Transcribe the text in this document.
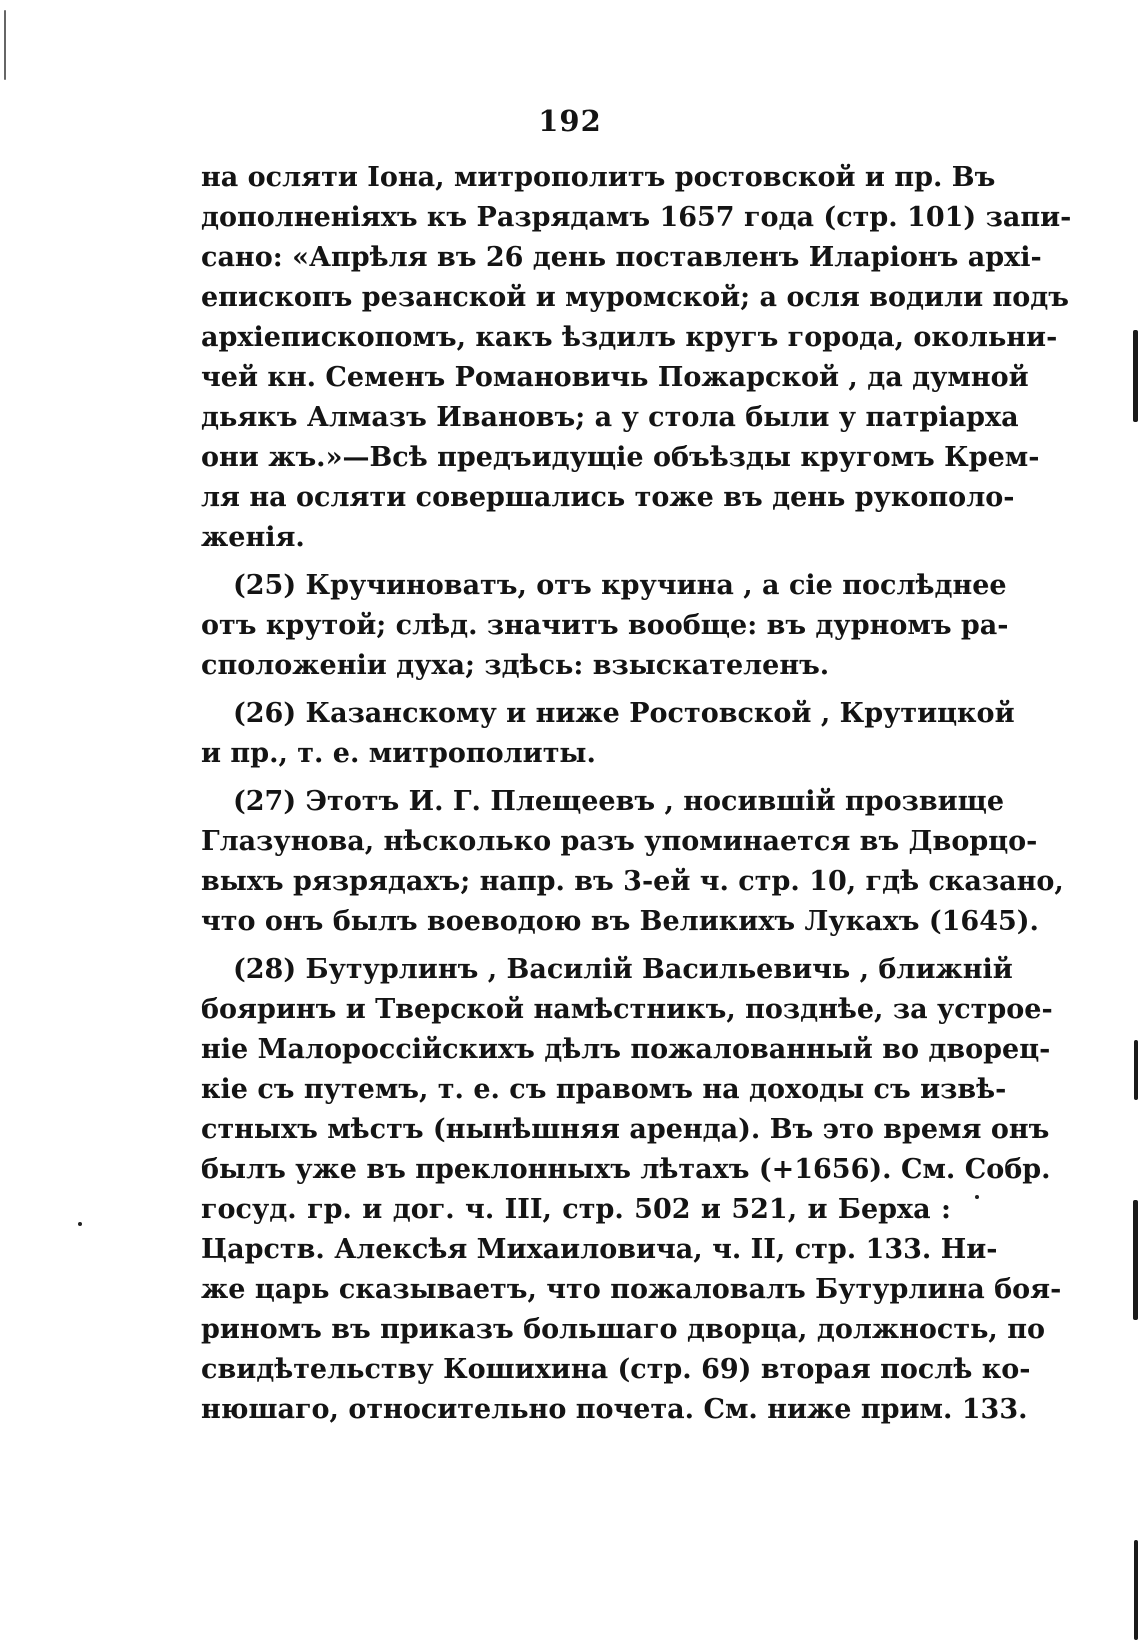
192

на осляти Іона, митрополитъ ростовской и пр. Въ
дополненіяхъ къ Разрядамъ 1657 года (стр. 101) запи-
сано: «Апрѣля въ 26 день поставленъ Иларіонъ архі-
епископъ резанской и муромской; а осля водили подъ
архіепископомъ, какъ ѣздилъ кругъ города, окольни-
чей кн. Семенъ Романовичь Пожарской , да думной
дьякъ Алмазъ Ивановъ; а у стола были у патріарха
они жъ.»—Всѣ предъидущіе объѣзды кругомъ Крем-
ля на осляти совершались тоже въ день рукополо-
женія.

(25) Кручиноватъ, отъ кручина , а сіе послѣднее
отъ крутой; слѣд. значитъ вообще: въ дурномъ ра-
сположеніи духа; здѣсь: взыскателенъ.

(26) Казанскому и ниже Ростовской , Крутицкой
и пр., т. е. митрополиты.

(27) Этотъ И. Г. Плещеевъ , носившій прозвище
Глазунова, нѣсколько разъ упоминается въ Дворцо-
выхъ рязрядахъ; напр. въ 3-ей ч. стр. 10, гдѣ сказано,
что онъ былъ воеводою въ Великихъ Лукахъ (1645).

(28) Бутурлинъ , Василій Васильевичь , ближній
бояринъ и Тверской намѣстникъ, позднѣе, за устрое-
ніе Малороссійскихъ дѣлъ пожалованный во дворец-
кіе съ путемъ, т. е. съ правомъ на доходы съ извѣ-
стныхъ мѣстъ (нынѣшняя аренда). Въ это время онъ
былъ уже въ преклонныхъ лѣтахъ (+1656). См. Собр.
госуд. гр. и дог. ч. III, стр. 502 и 521, и Берха :
Царств. Алексѣя Михаиловича, ч. II, стр. 133. Ни-
же царь сказываетъ, что пожаловалъ Бутурлина боя-
риномъ въ приказъ большаго дворца, должность, по
свидѣтельству Кошихина (стр. 69) вторая послѣ ко-
нюшаго, относительно почета. См. ниже прим. 133.
